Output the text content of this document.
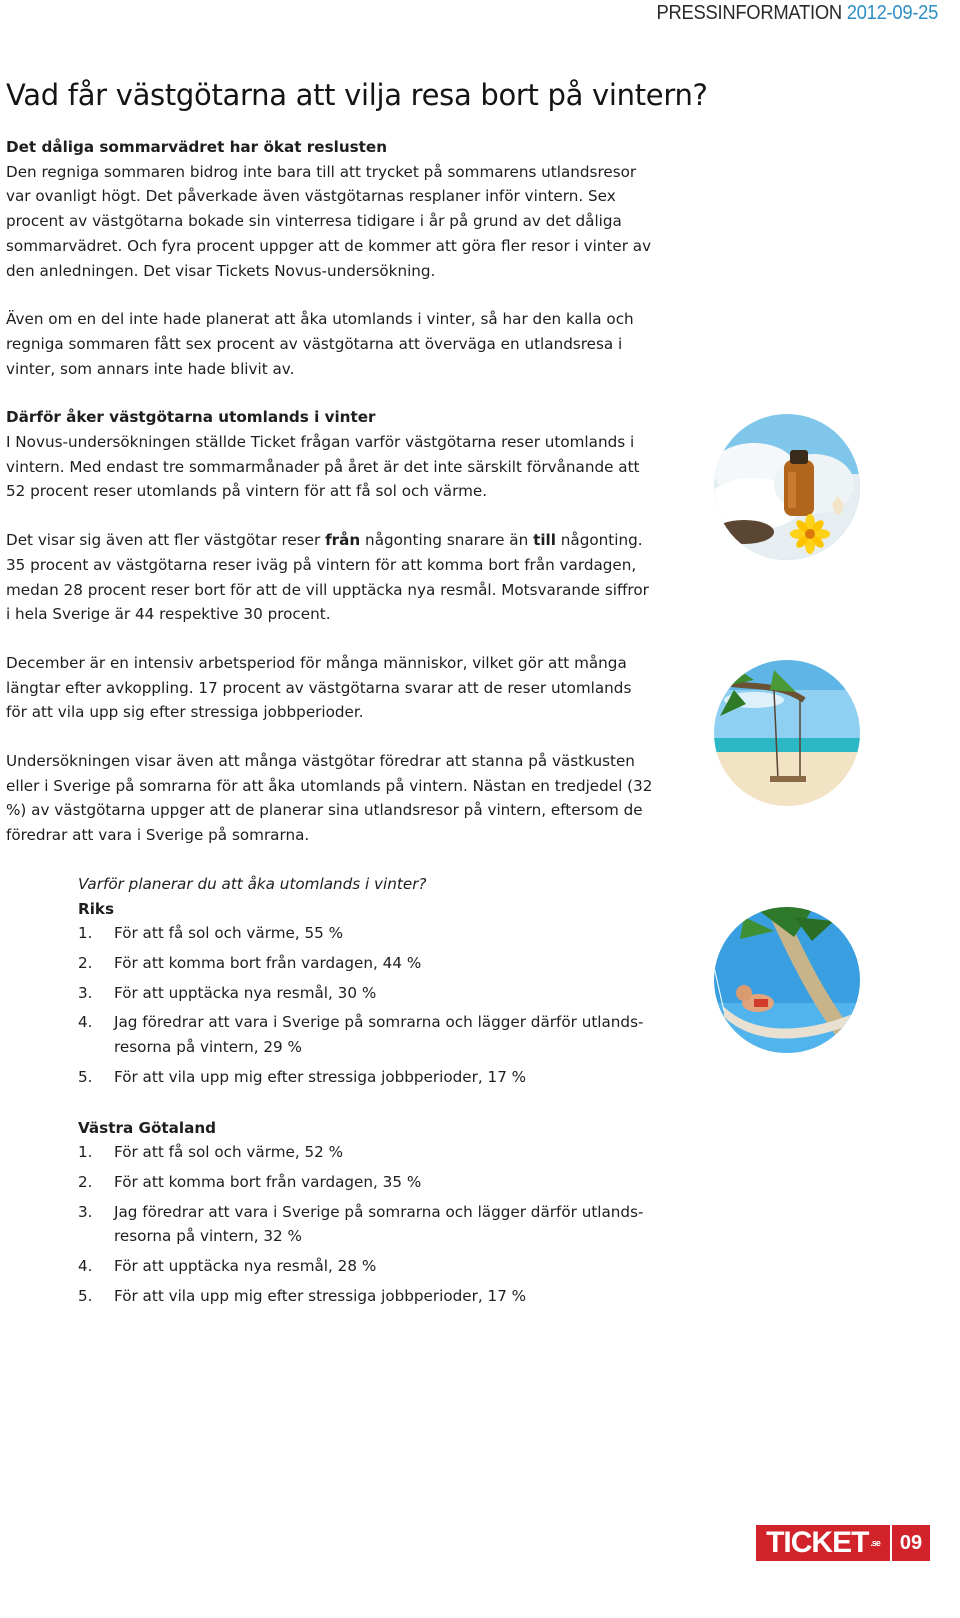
PRESSINFORMATION 2012-09-25
Vad får västgötarna att vilja resa bort på vintern?

Det dåliga sommarvädret har ökat reslusten
Den regniga sommaren bidrog inte bara till att trycket på sommarens utlandsresor var ovanligt högt. Det påverkade även västgötarnas resplaner inför vintern. Sex procent av västgötarna bokade sin vinterresa tidigare i år på grund av det dåliga sommarvädret. Och fyra procent uppger att de kommer att göra fler resor i vinter av den anledningen. Det visar Tickets Novus-undersökning.

Även om en del inte hade planerat att åka utomlands i vinter, så har den kalla och regniga sommaren fått sex procent av västgötarna att överväga en utlandsresa i vinter, som annars inte hade blivit av.

Därför åker västgötarna utomlands i vinter
I Novus-undersökningen ställde Ticket frågan varför västgötarna reser utomlands i vintern. Med endast tre sommarmånader på året är det inte särskilt förvånande att 52 procent reser utomlands på vintern för att få sol och värme.

Det visar sig även att fler västgötar reser från någonting snarare än till någonting. 35 procent av västgötarna reser iväg på vintern för att komma bort från vardagen, medan 28 procent reser bort för att de vill upptäcka nya resmål. Motsvarande siffror i hela Sverige är 44 respektive 30 procent.

December är en intensiv arbetsperiod för många människor, vilket gör att många längtar efter avkoppling. 17 procent av västgötarna svarar att de reser utomlands för att vila upp sig efter stressiga jobbperioder.

Undersökningen visar även att många västgötar föredrar att stanna på västkusten eller i Sverige på somrarna för att åka utomlands på vintern. Nästan en tredjedel (32 %) av västgötarna uppger att de planerar sina utlandsresor på vintern, eftersom de föredrar att vara i Sverige på somrarna.

Varför planerar du att åka utomlands i vinter?
Riks
1.	För att få sol och värme, 55 %
2.	För att komma bort från vardagen, 44 %
3.	För att upptäcka nya resmål, 30 %
4.	Jag föredrar att vara i Sverige på somrarna och lägger därför utlands-resorna på vintern, 29 %
5.	För att vila upp mig efter stressiga jobbperioder, 17 %
Västra Götaland
1.	För att få sol och värme, 52 %
2.	För att komma bort från vardagen, 35 %
3.	Jag föredrar att vara i Sverige på somrarna och lägger därför utlands-resorna på vintern, 32 %
4.	För att upptäcka nya resmål, 28 %
5.	För att vila upp mig efter stressiga jobbperioder, 17 %
TICKET .se 09
